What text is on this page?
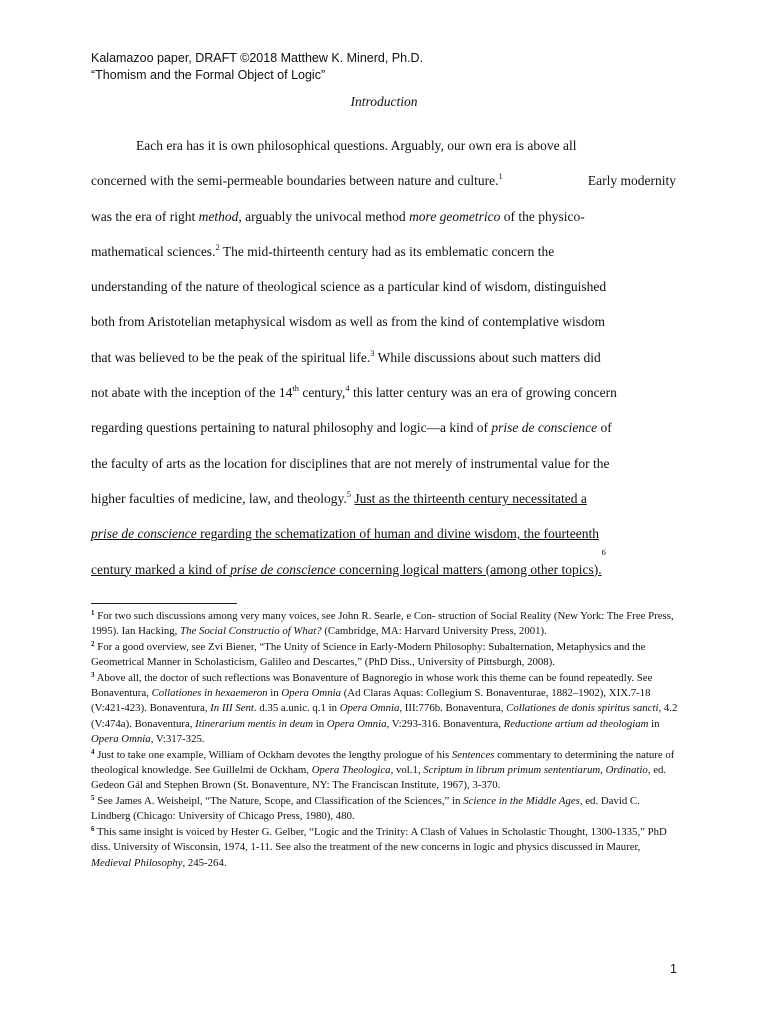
Kalamazoo paper, DRAFT ©2018 Matthew K. Minerd, Ph.D.
“Thomism and the Formal Object of Logic”
Introduction
Each era has it is own philosophical questions. Arguably, our own era is above all
concerned with the semi-permeable boundaries between nature and culture.$^1$	Early modernity
was the era of right method, arguably the univocal method more geometrico of the physico-
mathematical sciences.$^2$ The mid-thirteenth century had as its emblematic concern the
understanding of the nature of theological science as a particular kind of wisdom, distinguished
both from Aristotelian metaphysical wisdom as well as from the kind of contemplative wisdom
that was believed to be the peak of the spiritual life.$^3$ While discussions about such matters did
not abate with the inception of the 14th century,$^4$ this latter century was an era of growing concern
regarding questions pertaining to natural philosophy and logic—a kind of prise de conscience of
the faculty of arts as the location for disciplines that are not merely of instrumental value for the
higher faculties of medicine, law, and theology.$^5$ Just as the thirteenth century necessitated a
prise de conscience regarding the schematization of human and divine wisdom, the fourteenth
century marked a kind of prise de conscience concerning logical matters (among other topics).
6

$^1$ For two such discussions among very many voices, see John R. Searle, e Con- struction of Social Reality (New York: The Free Press, 1995). Ian Hacking, The Social Constructio of What? (Cambridge, MA: Harvard University Press, 2001).

$^2$ For a good overview, see Zvi Biener, “The Unity of Science in Early-Modern Philosophy: Subalternation, Metaphysics and the Geometrical Manner in Scholasticism, Galileo and Descartes,” (PhD Diss., University of Pittsburgh, 2008).

$^3$ Above all, the doctor of such reflections was Bonaventure of Bagnoregio in whose work this theme can be found repeatedly. See Bonaventura, Collationes in hexaemeron in Opera Omnia (Ad Claras Aquas: Collegium S. Bonaventurae, 1882–1902), XIX.7-18 (V:421-423). Bonaventura, In III Sent. d.35 a.unic. q.1 in Opera Omnia, III:776b. Bonaventura, Collationes de donis spiritus sancti, 4.2 (V:474a). Bonaventura, Itinerarium mentis in deum in Opera Omnia, V:293-316. Bonaventura, Reductione artium ad theologiam in Opera Omnia, V:317-325.

$^4$ Just to take one example, William of Ockham devotes the lengthy prologue of his Sentences commentary to determining the nature of theological knowledge. See Guillelmi de Ockham, Opera Theologica, vol.1, Scriptum in librum primum sententiarum, Ordinatio, ed. Gedeon Gál and Stephen Brown (St. Bonaventure, NY: The Franciscan Institute, 1967), 3-370.

$^5$ See James A. Weisheipl, “The Nature, Scope, and Classification of the Sciences,” in Science in the Middle Ages, ed. David C. Lindberg (Chicago: University of Chicago Press, 1980), 480.

$^6$ This same insight is voiced by Hester G. Gelber, “Logic and the Trinity: A Clash of Values in Scholastic Thought, 1300-1335,” PhD diss. University of Wisconsin, 1974, 1-11. See also the treatment of the new concerns in logic and physics discussed in Maurer, Medieval Philosophy, 245-264.

1
